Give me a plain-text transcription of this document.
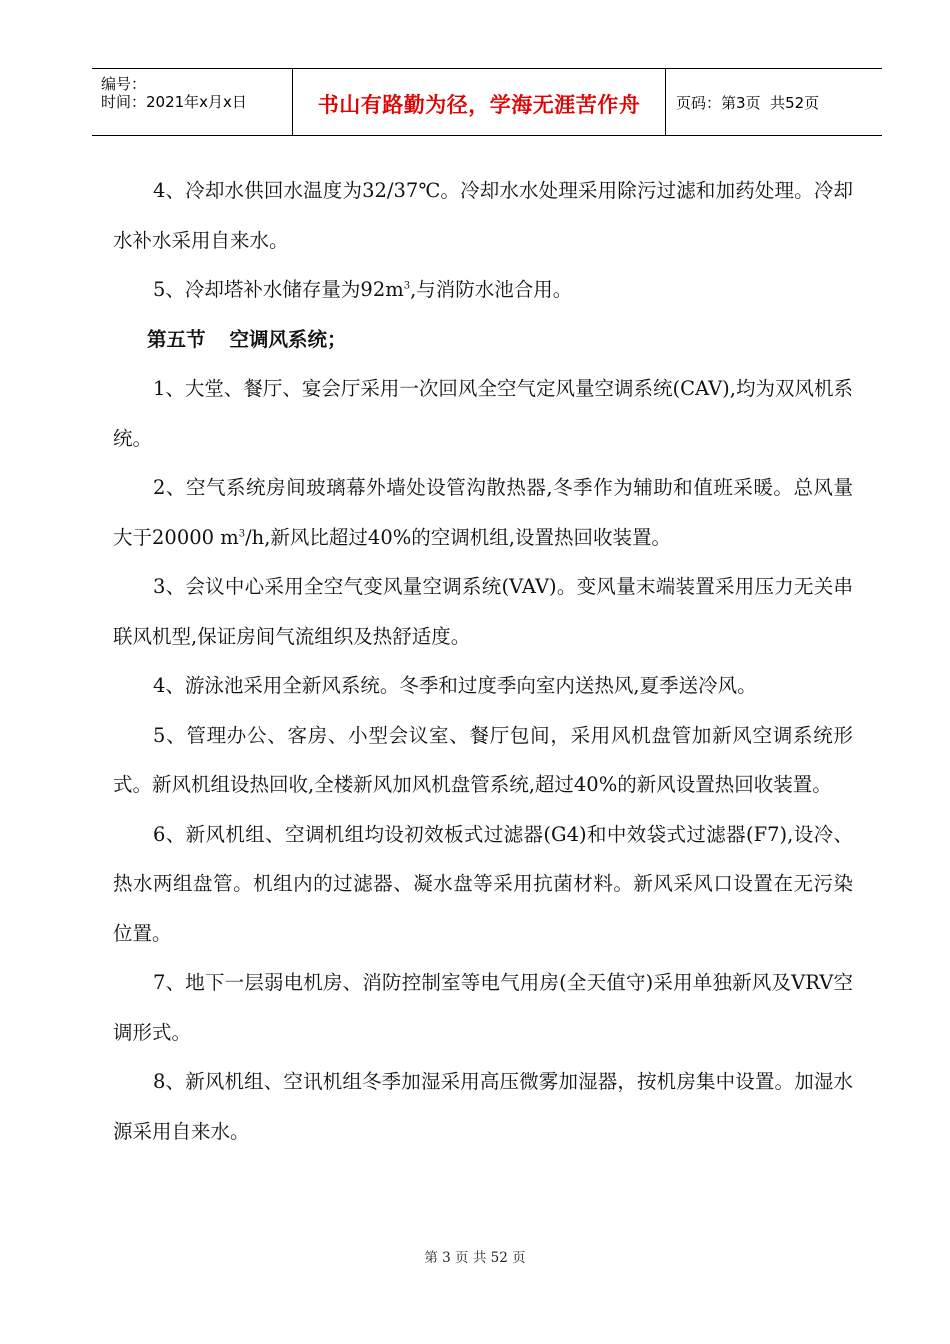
编号：
时间：2021年x月x日	书山有路勤为径，学海无涯苦作舟 页码：第3页  共52页

4、冷却水供回水温度为32/37℃。冷却水水处理采用除污过滤和加药处理。冷却水补水采用自来水。

5、冷却塔补水储存量为$92m^3$,与消防水池合用。

第五节 空调风系统；

1、大堂、餐厅、宴会厅采用一次回风全空气定风量空调系统(CAV),均为双风机系统。

2、空气系统房间玻璃幕外墙处设管沟散热器,冬季作为辅助和值班采暖。总风量大于20000 $m^3/h$,新风比超过40%的空调机组,设置热回收装置。

3、会议中心采用全空气变风量空调系统(VAV)。变风量末端装置采用压力无关串联风机型,保证房间气流组织及热舒适度。

4、游泳池采用全新风系统。冬季和过度季向室内送热风,夏季送冷风。

5、管理办公、客房、小型会议室、餐厅包间，采用风机盘管加新风空调系统形式。新风机组设热回收,全楼新风加风机盘管系统,超过40%的新风设置热回收装置。

6、新风机组、空调机组均设初效板式过滤器(G4)和中效袋式过滤器(F7),设冷、热水两组盘管。机组内的过滤器、凝水盘等采用抗菌材料。新风采风口设置在无污染位置。

7、地下一层弱电机房、消防控制室等电气用房(全天值守)采用单独新风及VRV空调形式。

8、新风机组、空讯机组冬季加湿采用高压微雾加湿器，按机房集中设置。加湿水源采用自来水。

第 3 页 共 52 页
